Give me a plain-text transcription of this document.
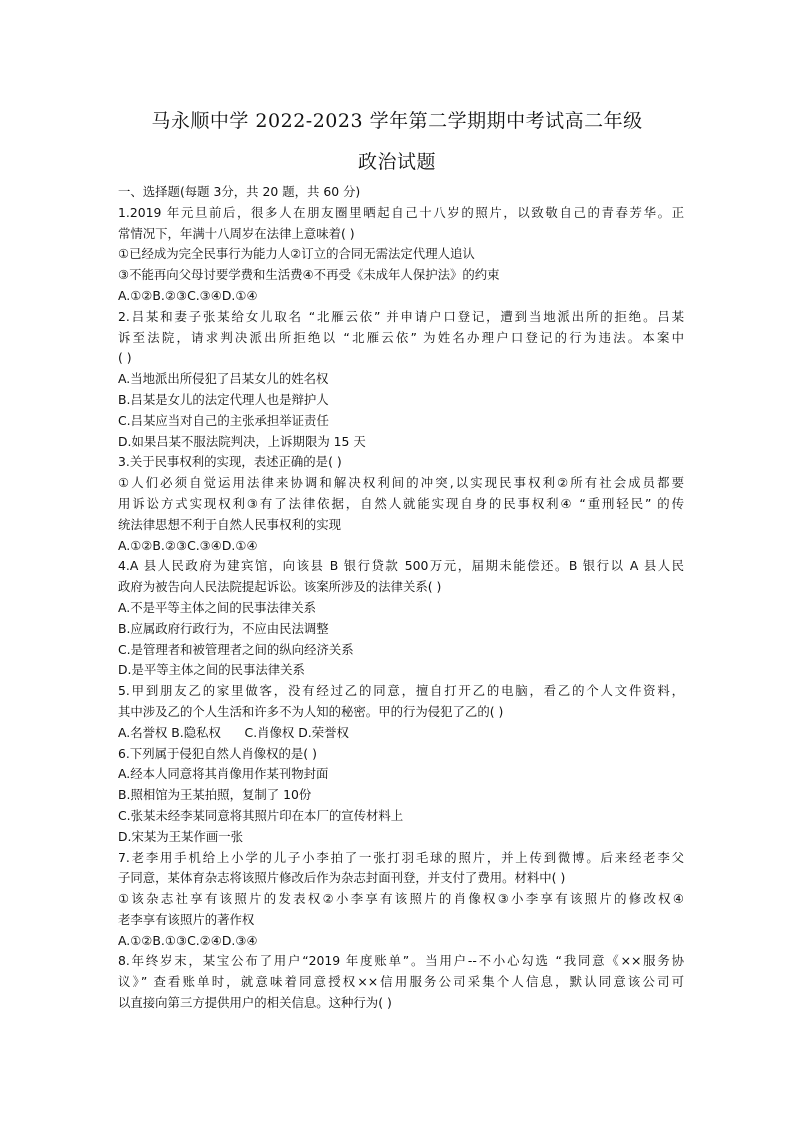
马永顺中学 2022-2023 学年第二学期期中考试高二年级
政治试题
一、选择题(每题 3分，共 20 题，共 60 分)
1.2019 年元旦前后，很多人在朋友圈里晒起自己十八岁的照片，以致敬自己的青春芳华。正
常情况下，年满十八周岁在法律上意味着( )
①已经成为完全民事行为能力人②订立的合同无需法定代理人追认
③不能再向父母讨要学费和生活费④不再受《未成年人保护法》的约束
A.①②B.②③C.③④D.①④
2.吕某和妻子张某给女儿取名 “北雁云依” 并申请户口登记，遭到当地派出所的拒绝。吕某
诉至法院，请求判决派出所拒绝以 “北雁云依” 为姓名办理户口登记的行为违法。本案中
( )
A.当地派出所侵犯了吕某女儿的姓名权
B.吕某是女儿的法定代理人也是辩护人
C.吕某应当对自己的主张承担举证责任
D.如果吕某不服法院判决，上诉期限为 15 天
3.关于民事权利的实现，表述正确的是( )
①人们必须自觉运用法律来协调和解决权利间的冲突,以实现民事权利②所有社会成员都要
用诉讼方式实现权利③有了法律依据，自然人就能实现自身的民事权利④ “重刑轻民” 的传
统法律思想不利于自然人民事权利的实现
A.①②B.②③C.③④D.①④
4.A 县人民政府为建宾馆，向该县 B 银行贷款 500万元，届期未能偿还。B 银行以 A 县人民
政府为被告向人民法院提起诉讼。该案所涉及的法律关系( )
A.不是平等主体之间的民事法律关系
B.应属政府行政行为，不应由民法调整
C.是管理者和被管理者之间的纵向经济关系
D.是平等主体之间的民事法律关系
5.甲到朋友乙的家里做客，没有经过乙的同意，擅自打开乙的电脑，看乙的个人文件资料，
其中涉及乙的个人生活和许多不为人知的秘密。甲的行为侵犯了乙的( )
A.名誉权 B.隐私权      C.肖像权 D.荣誉权
6.下列属于侵犯自然人肖像权的是( )
A.经本人同意将其肖像用作某刊物封面
B.照相馆为王某拍照，复制了 10份
C.张某未经李某同意将其照片印在本厂的宣传材料上
D.宋某为王某作画一张
7.老李用手机给上小学的儿子小李拍了一张打羽毛球的照片，并上传到微博。后来经老李父
子同意，某体育杂志将该照片修改后作为杂志封面刊登，并支付了费用。材料中( )
①该杂志社享有该照片的发表权②小李享有该照片的肖像权③小李享有该照片的修改权④
老李享有该照片的著作权
A.①②B.①③C.②④D.③④
8.年终岁末，某宝公布了用户“2019 年度账单”。当用户--不小心勾选 “我同意《××服务协
议》” 查看账单时，就意味着同意授权××信用服务公司采集个人信息，默认同意该公司可
以直接向第三方提供用户的相关信息。这种行为( )
